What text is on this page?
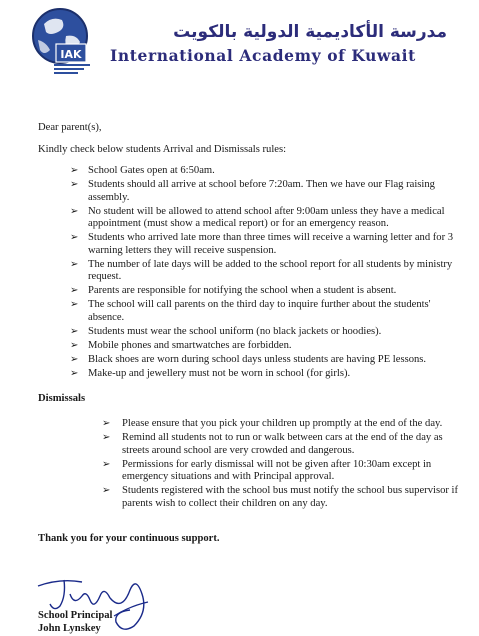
IAK
مدرسة الأكاديمية الدولية بالكويت
International Academy of Kuwait
Dear parent(s),
Kindly check below students Arrival and Dismissals rules:
➢ School Gates open at 6:50am.
➢ Students should all arrive at school before 7:20am. Then we have our Flag raising assembly.
➢ No student will be allowed to attend school after 9:00am unless they have a medical appointment (must show a medical report) or for an emergency reason.
➢ Students who arrived late more than three times will receive a warning letter and for 3 warning letters they will receive suspension.
➢ The number of late days will be added to the school report for all students by ministry request.
➢ Parents are responsible for notifying the school when a student is absent.
➢ The school will call parents on the third day to inquire further about the students' absence.
➢ Students must wear the school uniform (no black jackets or hoodies).
➢ Mobile phones and smartwatches are forbidden.
➢ Black shoes are worn during school days unless students are having PE lessons.
➢ Make-up and jewellery must not be worn in school (for girls).
Dismissals
➢ Please ensure that you pick your children up promptly at the end of the day.
➢ Remind all students not to run or walk between cars at the end of the day as streets around school are very crowded and dangerous.
➢ Permissions for early dismissal will not be given after 10:30am except in emergency situations and with Principal approval.
➢ Students registered with the school bus must notify the school bus supervisor if parents wish to collect their children on any day.
Thank you for your continuous support.
School Principal
John Lynskey
